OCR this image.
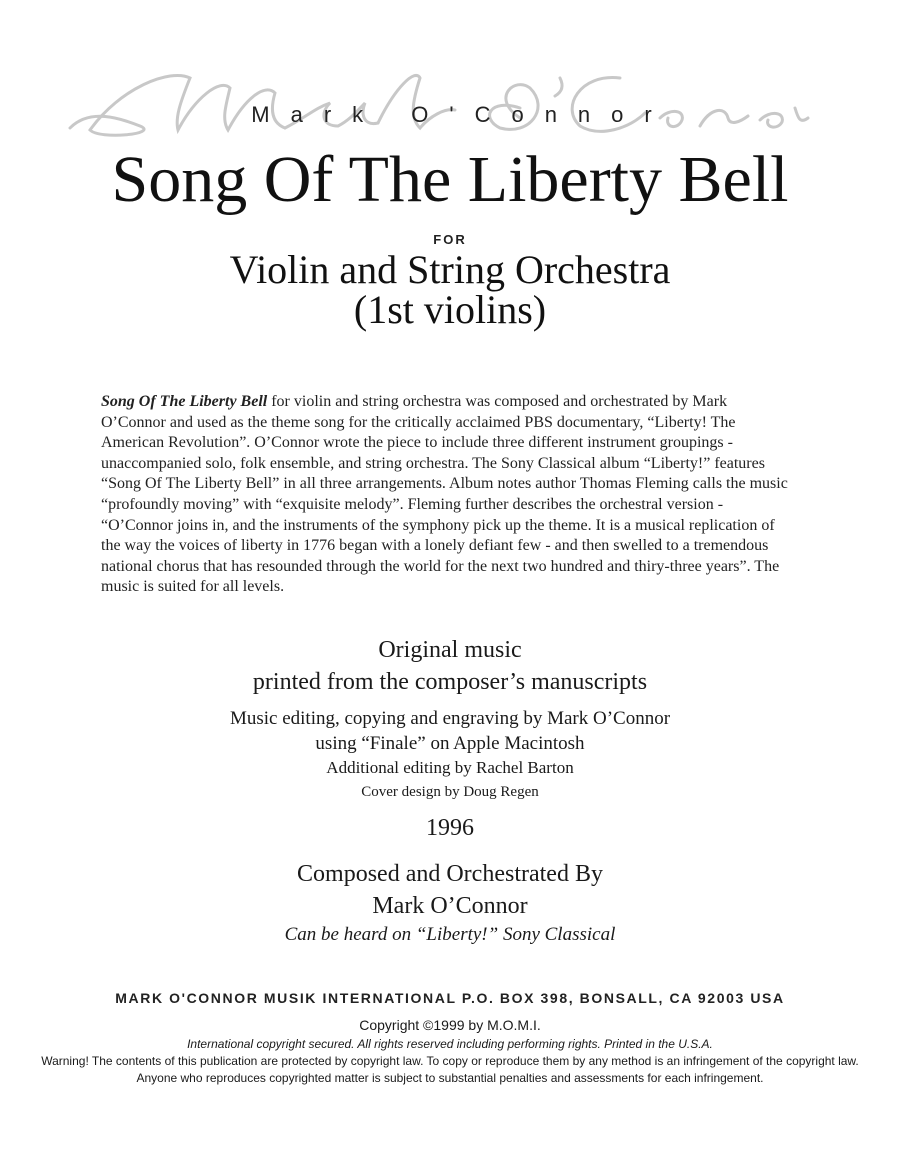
Mark O'Connor
Song Of The Liberty Bell
FOR
Violin and String Orchestra
(1st violins)

Song Of The Liberty Bell for violin and string orchestra was composed and orchestrated by Mark O’Connor and used as the theme song for the critically acclaimed PBS documentary, “Liberty! The American Revolution”. O’Connor wrote the piece to include three different instrument groupings - unaccompanied solo, folk ensemble, and string orchestra. The Sony Classical album “Liberty!” features “Song Of The Liberty Bell” in all three arrangements. Album notes author Thomas Fleming calls the music “profoundly moving” with “exquisite melody”. Fleming further describes the orchestral version - “O’Connor joins in, and the instruments of the symphony pick up the theme. It is a musical replication of the way the voices of liberty in 1776 began with a lonely defiant few - and then swelled to a tremendous national chorus that has resounded through the world for the next two hundred and thiry-three years”. The music is suited for all levels.

Original music
printed from the composer’s manuscripts
Music editing, copying and engraving by Mark O’Connor
using “Finale” on Apple Macintosh
Additional editing by Rachel Barton
Cover design by Doug Regen
1996
Composed and Orchestrated By
Mark O’Connor
Can be heard on “Liberty!” Sony Classical
MARK O'CONNOR MUSIK INTERNATIONAL P.O. BOX 398, BONSALL, CA 92003 USA
Copyright ©1999 by M.O.M.I.
International copyright secured. All rights reserved including performing rights. Printed in the U.S.A.
Warning! The contents of this publication are protected by copyright law. To copy or reproduce them by any method is an infringement of the copyright law. Anyone who reproduces copyrighted matter is subject to substantial penalties and assessments for each infringement.
